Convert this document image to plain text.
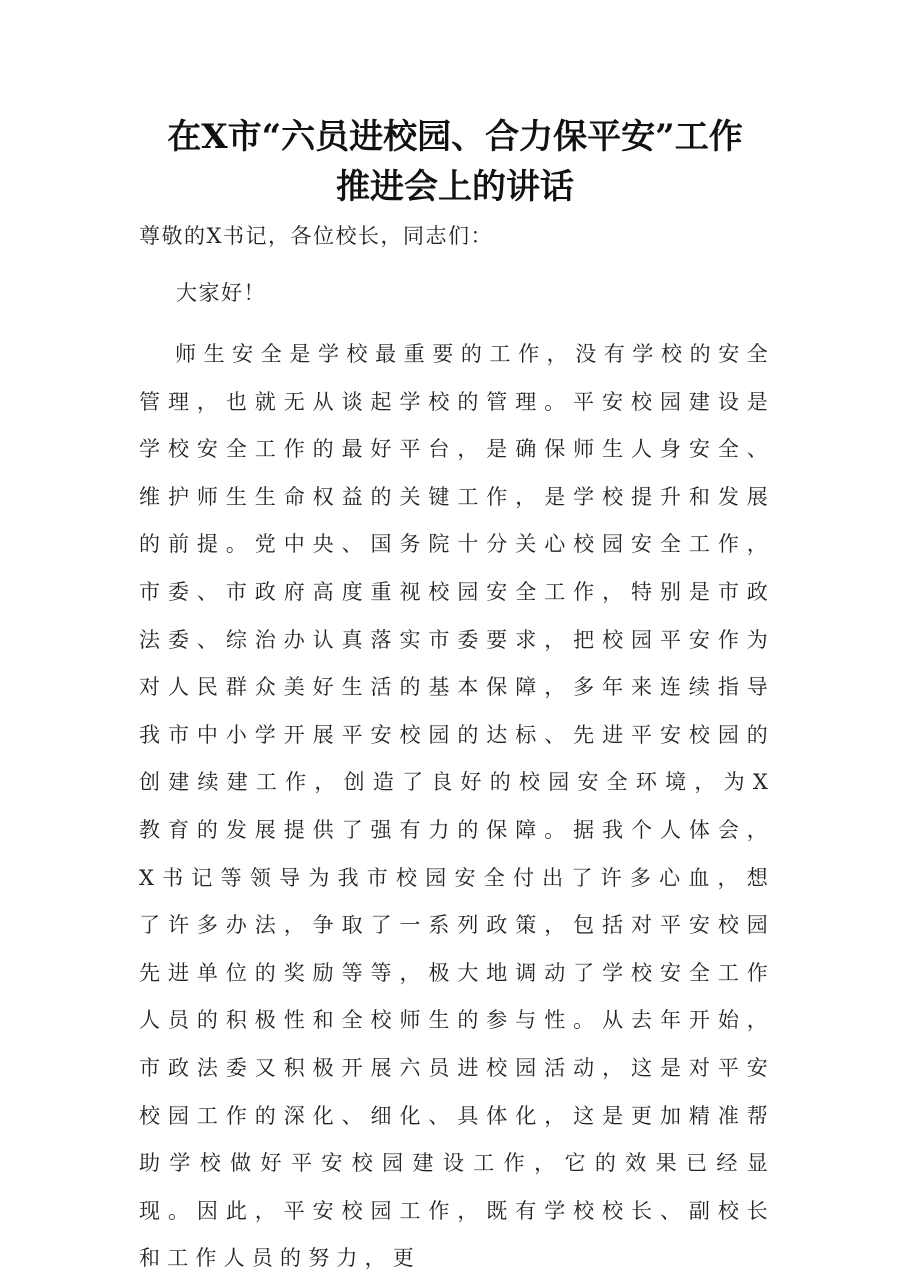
在X市“六员进校园、合力保平安”工作
推进会上的讲话

尊敬的X书记，各位校长，同志们：

大家好！

师生安全是学校最重要的工作，没有学校的安全管理，也就无从谈起学校的管理。平安校园建设是学校安全工作的最好平台，是确保师生人身安全、维护师生生命权益的关键工作，是学校提升和发展的前提。党中央、国务院十分关心校园安全工作，市委、市政府高度重视校园安全工作，特别是市政法委、综治办认真落实市委要求，把校园平安作为对人民群众美好生活的基本保障，多年来连续指导我市中小学开展平安校园的达标、先进平安校园的创建续建工作，创造了良好的校园安全环境，为X教育的发展提供了强有力的保障。据我个人体会，X书记等领导为我市校园安全付出了许多心血，想了许多办法，争取了一系列政策，包括对平安校园先进单位的奖励等等，极大地调动了学校安全工作人员的积极性和全校师生的参与性。从去年开始，市政法委又积极开展六员进校园活动，这是对平安校园工作的深化、细化、具体化，这是更加精准帮助学校做好平安校园建设工作，它的效果已经显现。因此，平安校园工作，既有学校校长、副校长和工作人员的努力，更
